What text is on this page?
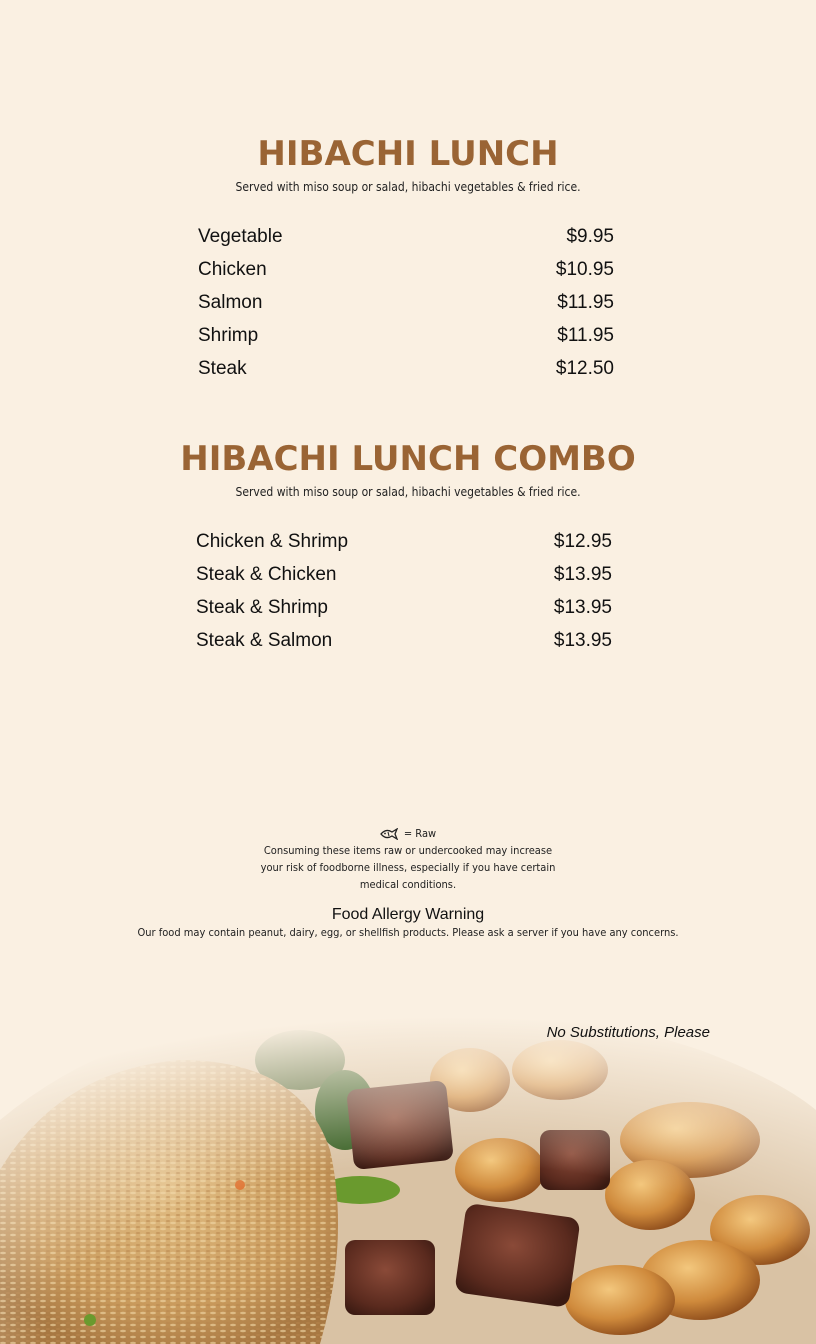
HIBACHI LUNCH
Served with miso soup or salad, hibachi vegetables & fried rice.
Vegetable	$9.95
Chicken	$10.95
Salmon	$11.95
Shrimp	$11.95
Steak	$12.50
HIBACHI LUNCH COMBO
Served with miso soup or salad, hibachi vegetables & fried rice.
Chicken & Shrimp	$12.95
Steak & Chicken	$13.95
Steak & Shrimp	$13.95
Steak & Salmon	$13.95
= Raw
Consuming these items raw or undercooked may increase
your risk of foodborne illness, especially if you have certain
medical conditions.
Food Allergy Warning
Our food may contain peanut, dairy, egg, or shellfish products. Please ask a server if you have any concerns.
No Substitutions, Please
